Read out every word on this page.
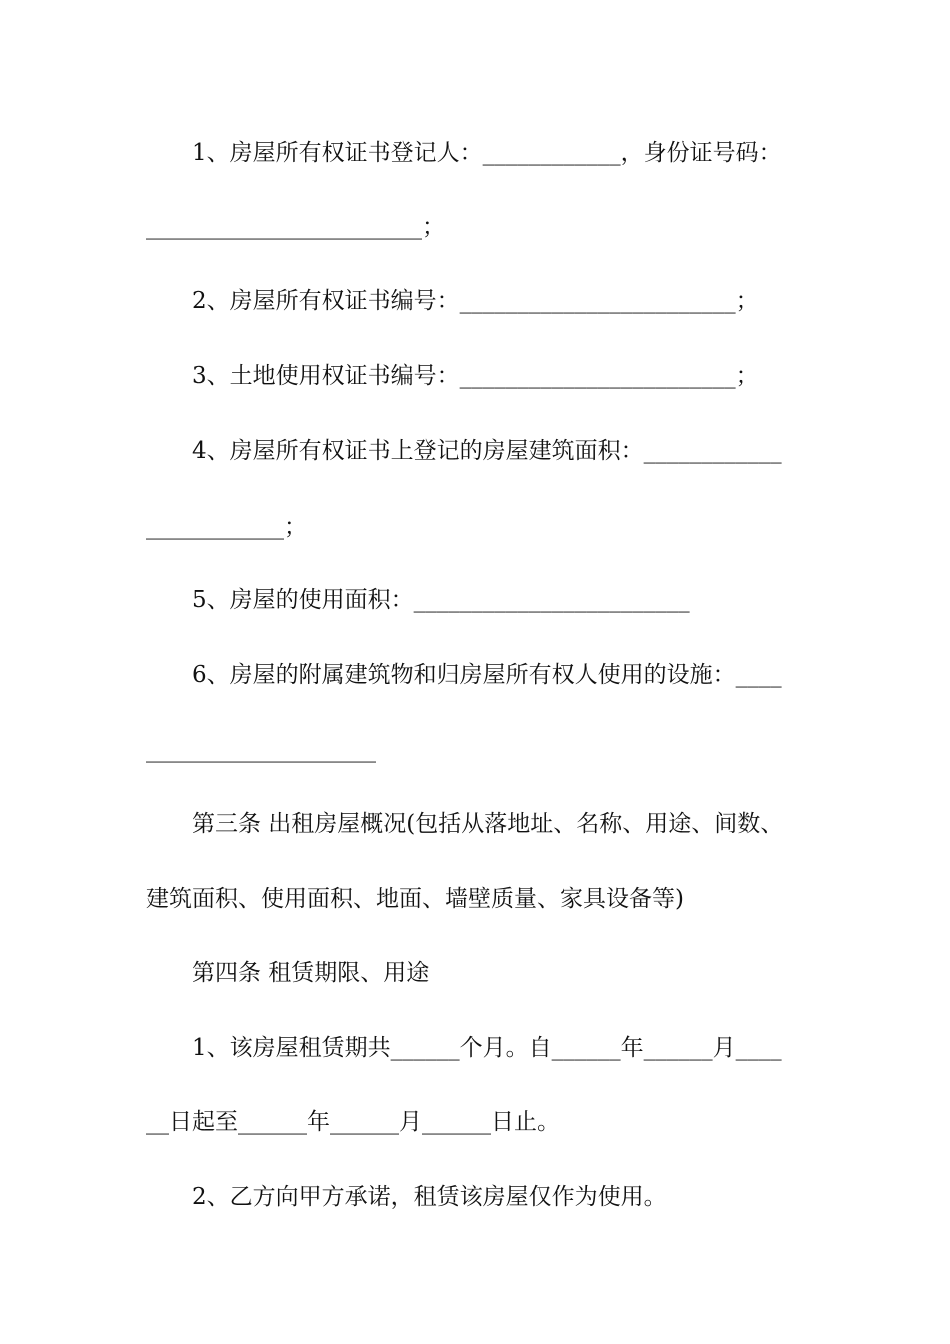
1、房屋所有权证书登记人：____________，身份证号码：
________________________；
2、房屋所有权证书编号：________________________；
3、土地使用权证书编号：________________________；
4、房屋所有权证书上登记的房屋建筑面积：____________
____________；
5、房屋的使用面积：________________________
6、房屋的附属建筑物和归房屋所有权人使用的设施：____
____________________
第三条 出租房屋概况(包括从落地址、名称、用途、间数、
建筑面积、使用面积、地面、墙壁质量、家具设备等)
第四条 租赁期限、用途
1、该房屋租赁期共______个月。自______年______月____
__日起至______年______月______日止。
2、乙方向甲方承诺，租赁该房屋仅作为使用。
